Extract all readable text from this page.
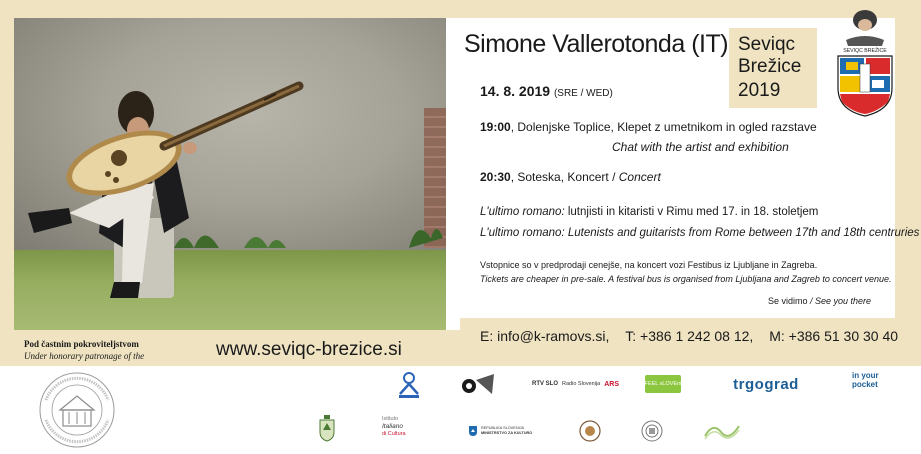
Simone Vallerotonda (IT) Seviqc
Brežice
2019
SEVIQC BREŽICE
14. 8. 2019 (SRE / WED)
19:00, Dolenjske Toplice, Klepet z umetnikom in ogled razstave
Chat with the artist and exhibition
20:30, Soteska, Koncert / Concert
L'ultimo romano: lutnjisti in kitaristi v Rimu med 17. in 18. stoletjem
L'ultimo romano: Lutenists and guitarists from Rome between 17th and 18th centruries
Vstopnice so v predprodaji cenejše, na koncert vozi Festibus iz Ljubljane in Zagreba.
Tickets are cheaper in pre-sale. A festival bus is organised from Ljubljana and Zagreb to concert venue.
Se vidimo / See you there
E: info@k-ramovs.si, T: +386 1 242 08 12, M: +386 51 30 30 40
www.seviqc-brezice.si
Pod častnim pokroviteljstvom
Under honorary patronage of the
RTV SLO Radio Slovenija ARS	I FEEL sLOVEnia	trgograd	in your
pocket
Istituto
Italiano
di Cultura
REPUBLIKA SLOVENIJA
MINISTRSTVO ZA KULTURO
